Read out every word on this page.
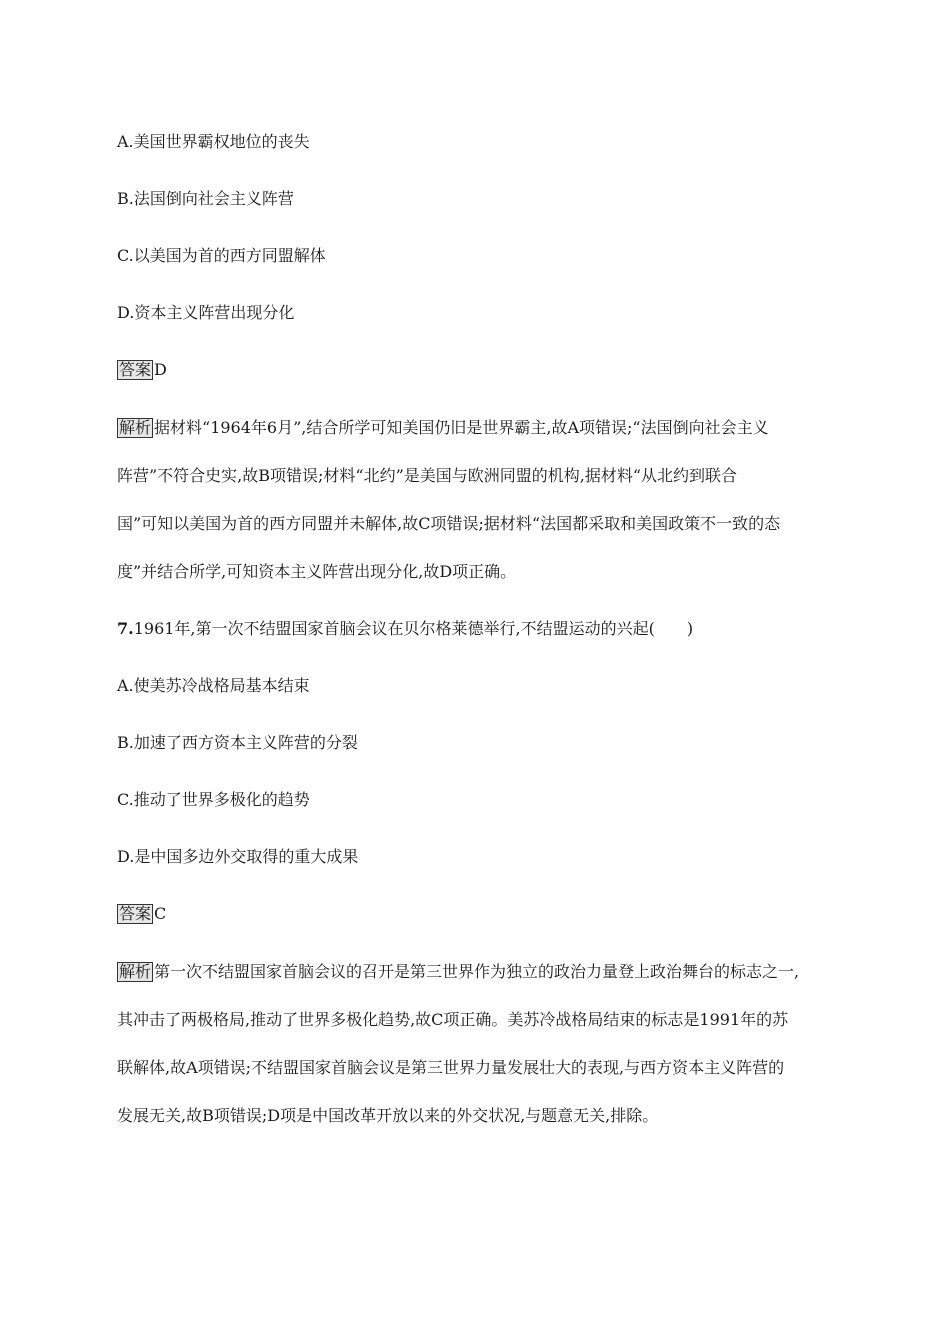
A.美国世界霸权地位的丧失
B.法国倒向社会主义阵营
C.以美国为首的西方同盟解体
D.资本主义阵营出现分化
答案 D
解析 据材料“1964年6月”,结合所学可知美国仍旧是世界霸主,故A项错误;“法国倒向社会主义
阵营”不符合史实,故B项错误;材料“北约”是美国与欧洲同盟的机构,据材料“从北约到联合
国”可知以美国为首的西方同盟并未解体,故C项错误;据材料“法国都采取和美国政策不一致的态
度”并结合所学,可知资本主义阵营出现分化,故D项正确。
7.1961年,第一次不结盟国家首脑会议在贝尔格莱德举行,不结盟运动的兴起(　　)
A.使美苏冷战格局基本结束
B.加速了西方资本主义阵营的分裂
C.推动了世界多极化的趋势
D.是中国多边外交取得的重大成果
答案 C
解析 第一次不结盟国家首脑会议的召开是第三世界作为独立的政治力量登上政治舞台的标志之一,
其冲击了两极格局,推动了世界多极化趋势,故C项正确。美苏冷战格局结束的标志是1991年的苏
联解体,故A项错误;不结盟国家首脑会议是第三世界力量发展壮大的表现,与西方资本主义阵营的
发展无关,故B项错误;D项是中国改革开放以来的外交状况,与题意无关,排除。
